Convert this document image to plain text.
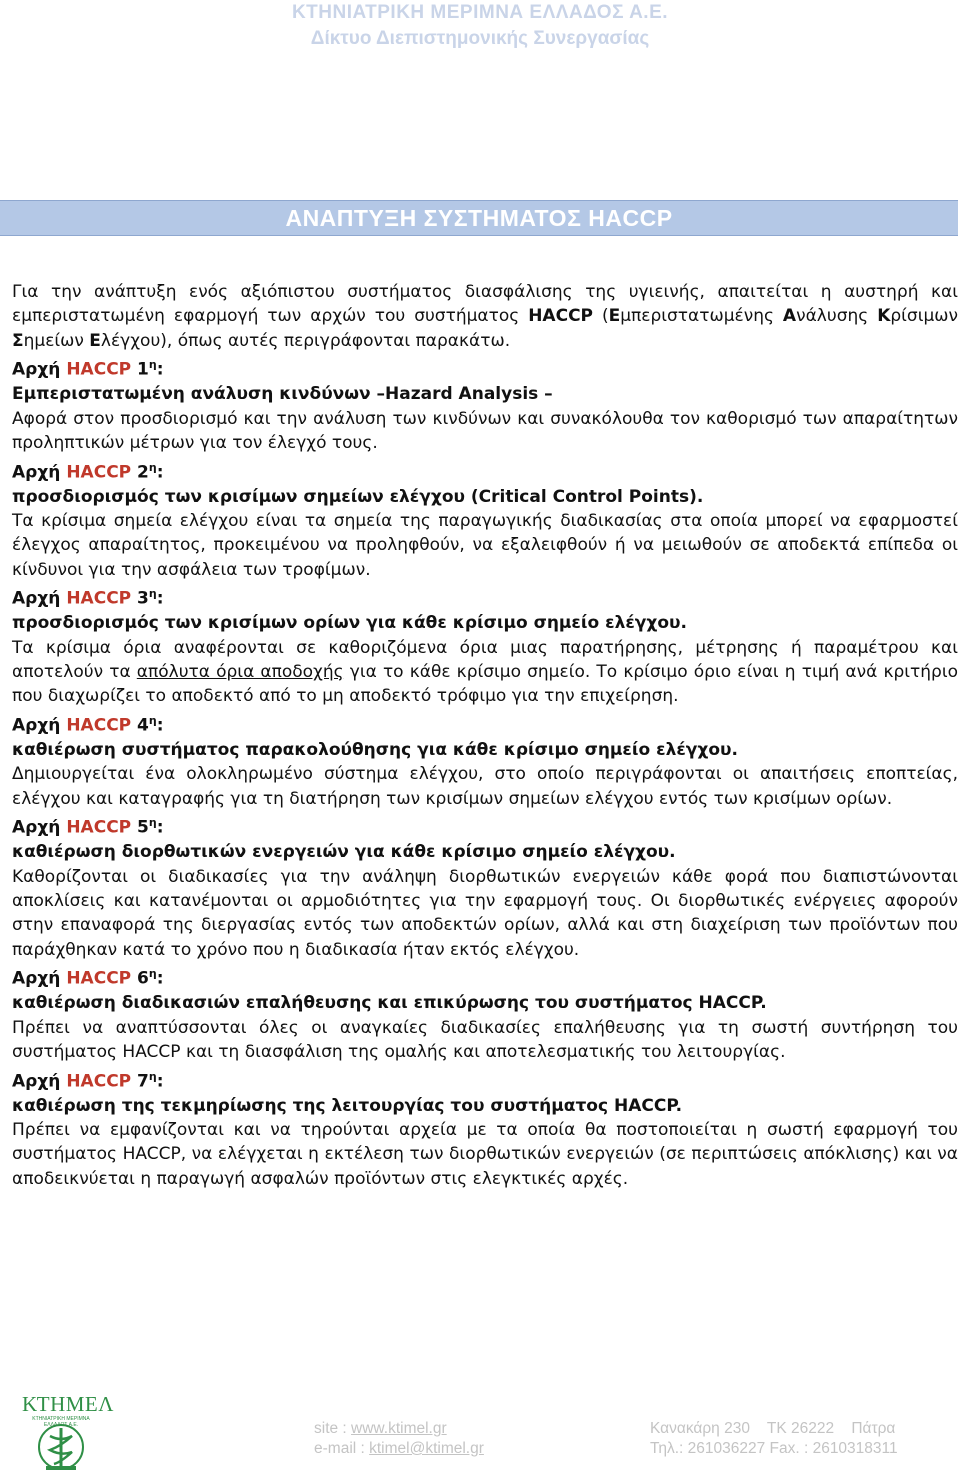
ΚΤΗΝΙΑΤΡΙΚΗ ΜΕΡΙΜΝΑ ΕΛΛΑΔΟΣ Α.Ε.
Δίκτυο Διεπιστημονικής Συνεργασίας
ΑΝΑΠΤΥΞΗ ΣΥΣΤΗΜΑΤΟΣ HACCP

Για την ανάπτυξη ενός αξιόπιστου συστήματος διασφάλισης της υγιεινής, απαιτείται η αυστηρή και εμπεριστατωμένη εφαρμογή των αρχών του συστήματος HACCP (Εμπεριστατωμένης Ανάλυσης Κρίσιμων Σημείων Ελέγχου), όπως αυτές περιγράφονται παρακάτω.

Αρχή HACCP $1^\eta$:

Εμπεριστατωμένη ανάλυση κινδύνων –Hazard Analysis –

Αφορά στον προσδιορισμό και την ανάλυση των κινδύνων και συνακόλουθα τον καθορισμό των απαραίτητων προληπτικών μέτρων για τον έλεγχό τους.

Αρχή HACCP $2^\eta$:

προσδιορισμός των κρισίμων σημείων ελέγχου (Critical Control Points).

Τα κρίσιμα σημεία ελέγχου είναι τα σημεία της παραγωγικής διαδικασίας στα οποία μπορεί να εφαρμοστεί έλεγχος απαραίτητος, προκειμένου να προληφθούν, να εξαλειφθούν ή να μειωθούν σε αποδεκτά επίπεδα οι κίνδυνοι για την ασφάλεια των τροφίμων.

Αρχή HACCP $3^\eta$:

προσδιορισμός των κρισίμων ορίων για κάθε κρίσιμο σημείο ελέγχου.

Τα κρίσιμα όρια αναφέρονται σε καθοριζόμενα όρια μιας παρατήρησης, μέτρησης ή παραμέτρου και αποτελούν τα απόλυτα όρια αποδοχής για το κάθε κρίσιμο σημείο. Το κρίσιμο όριο είναι η τιμή ανά κριτήριο που διαχωρίζει το αποδεκτό από το μη αποδεκτό τρόφιμο για την επιχείρηση.

Αρχή HACCP $4^\eta$:

καθιέρωση συστήματος παρακολούθησης για κάθε κρίσιμο σημείο ελέγχου.

Δημιουργείται ένα ολοκληρωμένο σύστημα ελέγχου, στο οποίο περιγράφονται οι απαιτήσεις εποπτείας, ελέγχου και καταγραφής για τη διατήρηση των κρισίμων σημείων ελέγχου εντός των κρισίμων ορίων.

Αρχή HACCP $5^\eta$:

καθιέρωση διορθωτικών ενεργειών για κάθε κρίσιμο σημείο ελέγχου.

Καθορίζονται οι διαδικασίες για την ανάληψη διορθωτικών ενεργειών κάθε φορά που διαπιστώνονται αποκλίσεις και κατανέμονται οι αρμοδιότητες για την εφαρμογή τους. Οι διορθωτικές ενέργειες αφορούν στην επαναφορά της διεργασίας εντός των αποδεκτών ορίων, αλλά και στη διαχείριση των προϊόντων που παράχθηκαν κατά το χρόνο που η διαδικασία ήταν εκτός ελέγχου.

Αρχή HACCP $6^\eta$:

καθιέρωση διαδικασιών επαλήθευσης και επικύρωσης του συστήματος HACCP.

Πρέπει να αναπτύσσονται όλες οι αναγκαίες διαδικασίες επαλήθευσης για τη σωστή συντήρηση του συστήματος HACCP και τη διασφάλιση της ομαλής και αποτελεσματικής του λειτουργίας.

Αρχή HACCP $7^\eta$:

καθιέρωση της τεκμηρίωσης της λειτουργίας του συστήματος HACCP.

Πρέπει να εμφανίζονται και να τηρούνται αρχεία με τα οποία θα ποστοποιείται η σωστή εφαρμογή του συστήματος HACCP, να ελέγχεται η εκτέλεση των διορθωτικών ενεργειών (σε περιπτώσεις απόκλισης) και να αποδεικνύεται η παραγωγή ασφαλών προϊόντων στις ελεγκτικές αρχές.

ΚΤΗΜΕΛ
ΚΤΗΝΙΑΤΡΙΚΗ ΜΕΡΙΜΝΑ ΕΛΛΑΔΟΣ Α.Ε.	site : www.ktimel.gr
e-mail : ktimel@ktimel.gr
Κανακάρη 230    ΤΚ 26222    Πάτρα
Τηλ.: 261036227 Fax. : 2610318311
